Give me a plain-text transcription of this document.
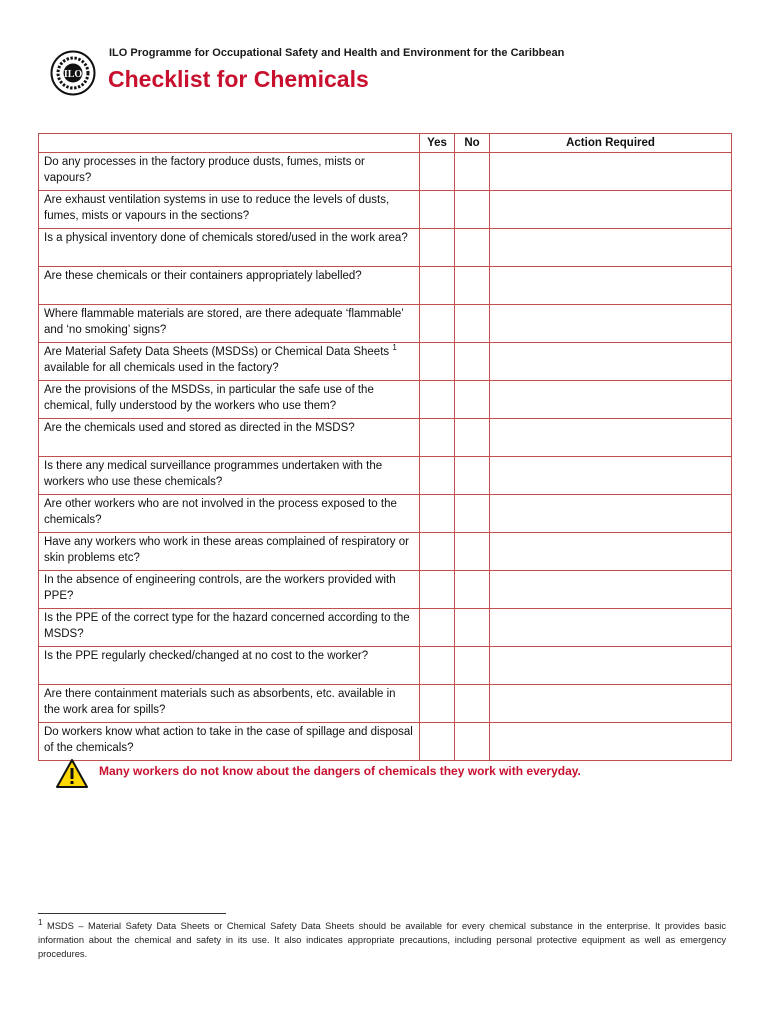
ILO
ILO Programme for Occupational Safety and Health and Environment for the Caribbean
Checklist for Chemicals
	Yes	No	Action Required
Do any processes in the factory produce dusts, fumes, mists or vapours?			
Are exhaust ventilation systems in use to reduce the levels of dusts, fumes, mists or vapours in the sections?			
Is a physical inventory done of chemicals stored/used in the work area?			
Are these chemicals or their containers appropriately labelled?			
Where flammable materials are stored, are there adequate ‘flammable’ and ‘no smoking’ signs?			
Are Material Safety Data Sheets (MSDSs) or Chemical Data Sheets $^1$ available for all chemicals used in the factory?			
Are the provisions of the MSDSs, in particular the safe use of the chemical, fully understood by the workers who use them?			
Are the chemicals used and stored as directed in the MSDS?			
Is there any medical surveillance programmes undertaken with the workers who use these chemicals?			
Are other workers who are not involved in the process exposed to the chemicals?			
Have any workers who work in these areas complained of respiratory or skin problems etc?			
In the absence of engineering controls, are the workers provided with PPE?			
Is the PPE of the correct type for the hazard concerned according to the MSDS?			
Is the PPE regularly checked/changed at no cost to the worker?			
Are there containment materials such as absorbents, etc. available in the work area for spills?			
Do workers know what action to take in the case of spillage and disposal of the chemicals?			
Many workers do not know about the dangers of chemicals they work with everyday.
$^1$ MSDS – Material Safety Data Sheets or Chemical Safety Data Sheets should be available for every chemical substance in the enterprise. It provides basic information about the chemical and safety in its use. It also indicates appropriate precautions, including personal protective equipment as well as emergency procedures.
